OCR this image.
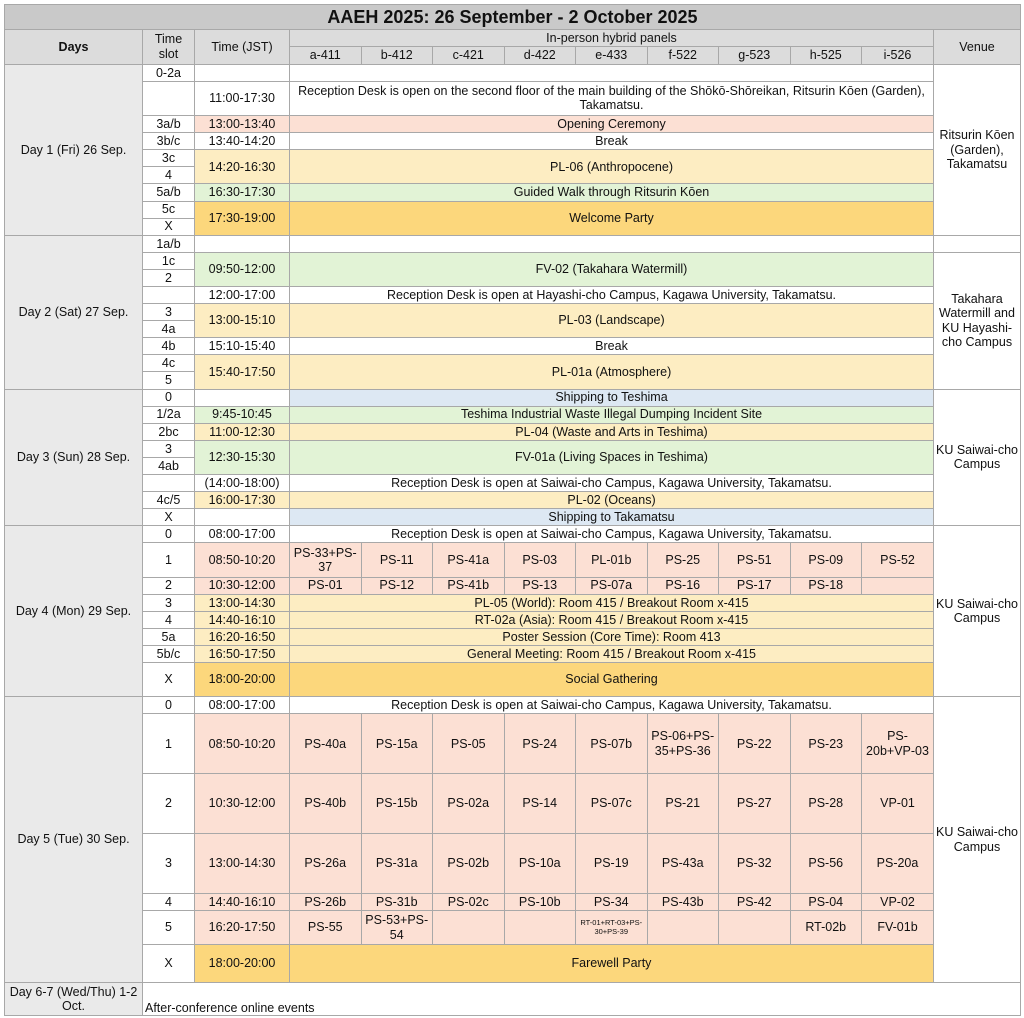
AAEH 2025: 26 September - 2 October 2025												
Days	Time slot	Time (JST)	In-person hybrid panels									Venue
			a-411	b-412	c-421	d-422	e-433	f-522	g-523	h-525	i-526	
Day 1 (Fri) 26 Sep.	0-2a											Ritsurin Kōen (Garden), Takamatsu
		11:00-17:30	Reception Desk is open on the second floor of the main building of the Shōkō-Shōreikan, Ritsurin Kōen (Garden), Takamatsu.									
	3a/b	13:00-13:40	Opening Ceremony									
	3b/c	13:40-14:20	Break									
	3c	14:20-16:30	PL-06 (Anthropocene)									
	4											
	5a/b	16:30-17:30	Guided Walk through Ritsurin Kōen									
	5c	17:30-19:00	Welcome Party									
	X											
Day 2 (Sat) 27 Sep.	1a/b											
	1c	09:50-12:00	FV-02 (Takahara Watermill)									Takahara Watermill and KU Hayashi-cho Campus
	2											
		12:00-17:00	Reception Desk is open at Hayashi-cho Campus, Kagawa University, Takamatsu.									
	3	13:00-15:10	PL-03 (Landscape)									
	4a											
	4b	15:10-15:40	Break									
	4c	15:40-17:50	PL-01a (Atmosphere)									
	5											
Day 3 (Sun) 28 Sep.	0		Shipping to Teshima									KU Saiwai-cho Campus
	1/2a	9:45-10:45	Teshima Industrial Waste Illegal Dumping Incident Site									
	2bc	11:00-12:30	PL-04 (Waste and Arts in Teshima)									
	3	12:30-15:30	FV-01a (Living Spaces in Teshima)									
	4ab											
		(14:00-18:00)	Reception Desk is open at Saiwai-cho Campus, Kagawa University, Takamatsu.									
	4c/5	16:00-17:30	PL-02 (Oceans)									
	X		Shipping to Takamatsu									
Day 4 (Mon) 29 Sep.	0	08:00-17:00	Reception Desk is open at Saiwai-cho Campus, Kagawa University, Takamatsu.									KU Saiwai-cho Campus
	1	08:50-10:20	PS-33+PS-37	PS-11	PS-41a	PS-03	PL-01b	PS-25	PS-51	PS-09	PS-52	
	2	10:30-12:00	PS-01	PS-12	PS-41b	PS-13	PS-07a	PS-16	PS-17	PS-18		
	3	13:00-14:30	PL-05 (World): Room 415 / Breakout Room x-415									
	4	14:40-16:10	RT-02a (Asia): Room 415 / Breakout Room x-415									
	5a	16:20-16:50	Poster Session (Core Time): Room 413									
	5b/c	16:50-17:50	General Meeting: Room 415 / Breakout Room x-415									
	X	18:00-20:00	Social Gathering									
Day 5 (Tue) 30 Sep.	0	08:00-17:00	Reception Desk is open at Saiwai-cho Campus, Kagawa University, Takamatsu.									KU Saiwai-cho Campus
	1	08:50-10:20	PS-40a	PS-15a	PS-05	PS-24	PS-07b	PS-06+PS-35+PS-36	PS-22	PS-23	PS-20b+VP-03	
	2	10:30-12:00	PS-40b	PS-15b	PS-02a	PS-14	PS-07c	PS-21	PS-27	PS-28	VP-01	
	3	13:00-14:30	PS-26a	PS-31a	PS-02b	PS-10a	PS-19	PS-43a	PS-32	PS-56	PS-20a	
	4	14:40-16:10	PS-26b	PS-31b	PS-02c	PS-10b	PS-34	PS-43b	PS-42	PS-04	VP-02	
	5	16:20-17:50	PS-55	PS-53+PS-54			RT-01+RT-03+PS-30+PS-39			RT-02b	FV-01b	
	X	18:00-20:00	Farewell Party									
Day 6-7 (Wed/Thu) 1-2 Oct.	After-conference online events											
